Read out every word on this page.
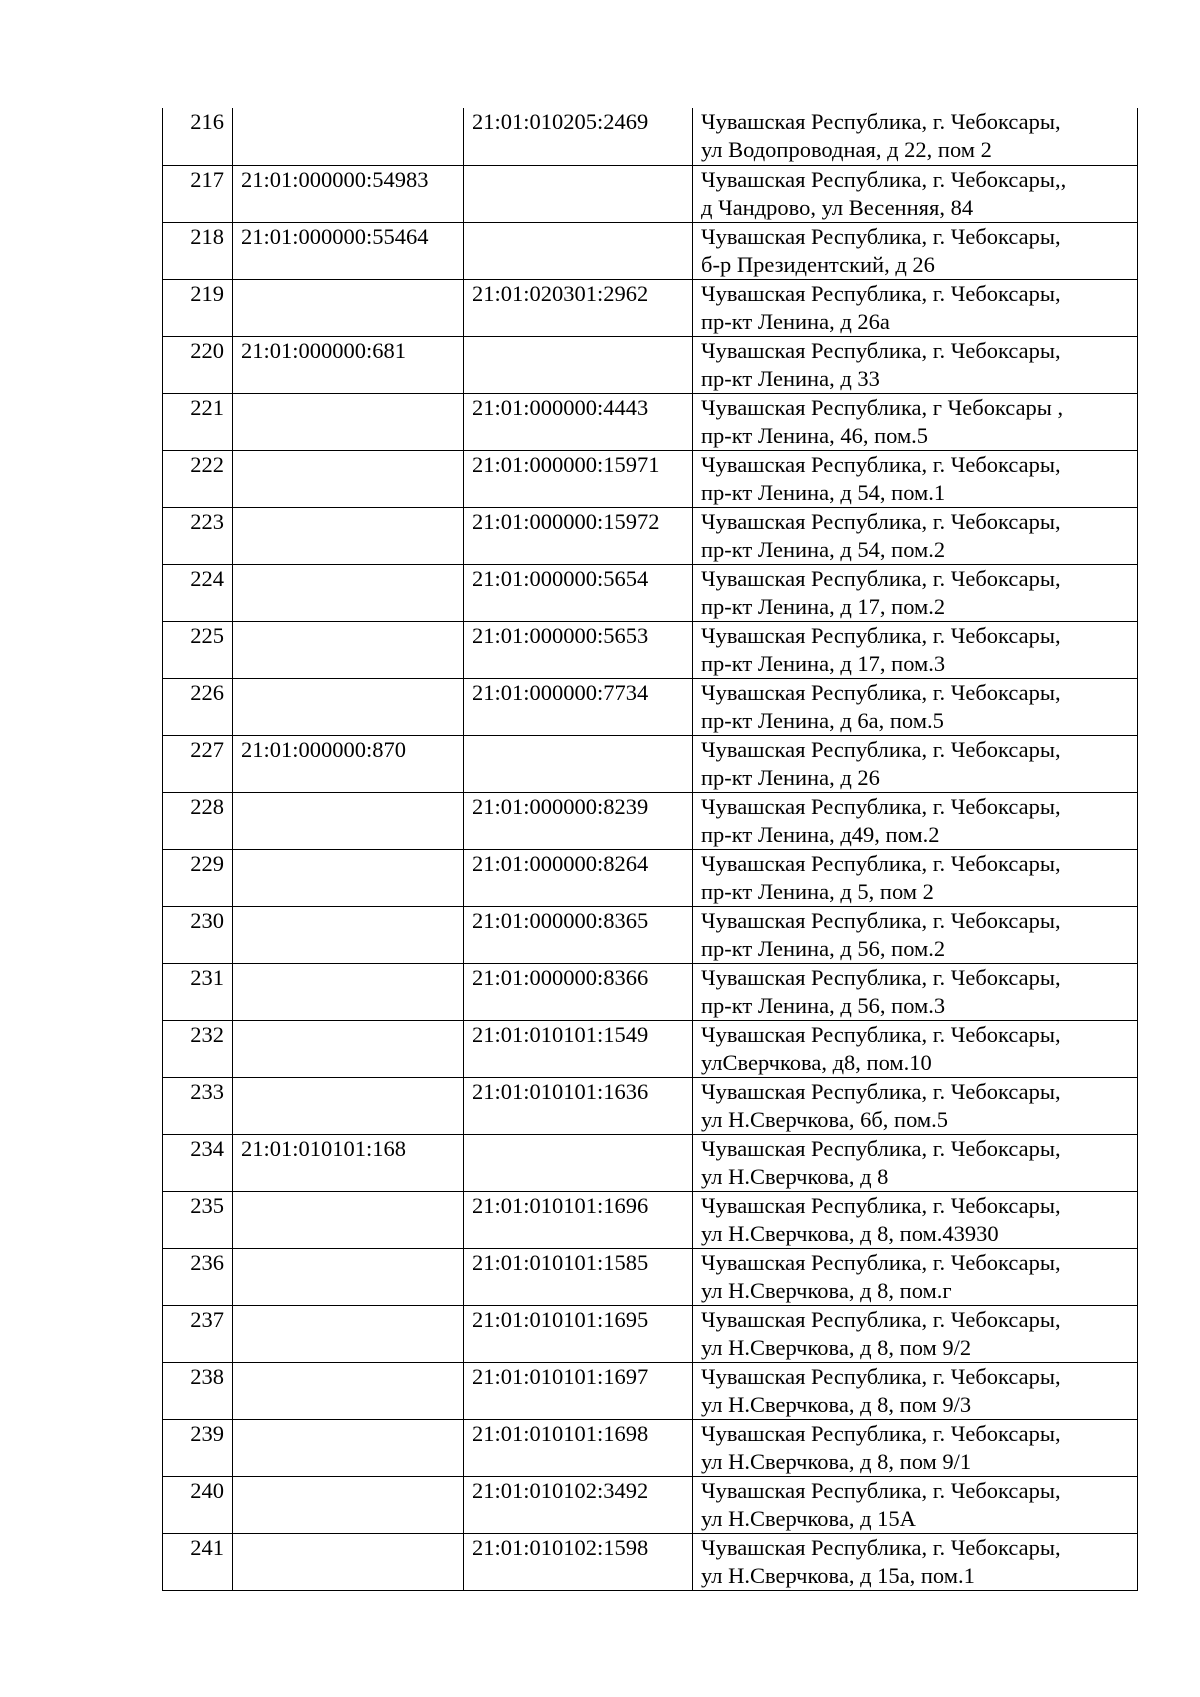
216		21:01:010205:2469	Чувашская Республика, г. Чебоксары,
ул Водопроводная, д 22, пом 2

217	21:01:000000:54983		Чувашская Республика, г. Чебоксары,,
д Чандрово, ул Весенняя, 84

218	21:01:000000:55464		Чувашская Республика, г. Чебоксары,
б-р Президентский, д 26

219		21:01:020301:2962	Чувашская Республика, г. Чебоксары,
пр-кт Ленина, д 26а

220	21:01:000000:681		Чувашская Республика, г. Чебоксары,
пр-кт Ленина, д 33

221		21:01:000000:4443	Чувашская Республика, г Чебоксары ,
пр-кт Ленина, 46, пом.5

222		21:01:000000:15971	Чувашская Республика, г. Чебоксары,
пр-кт Ленина, д 54, пом.1

223		21:01:000000:15972	Чувашская Республика, г. Чебоксары,
пр-кт Ленина, д 54, пом.2

224		21:01:000000:5654	Чувашская Республика, г. Чебоксары,
пр-кт Ленина, д 17, пом.2

225		21:01:000000:5653	Чувашская Республика, г. Чебоксары,
пр-кт Ленина, д 17, пом.3

226		21:01:000000:7734	Чувашская Республика, г. Чебоксары,
пр-кт Ленина, д 6а, пом.5

227	21:01:000000:870		Чувашская Республика, г. Чебоксары,
пр-кт Ленина, д 26

228		21:01:000000:8239	Чувашская Республика, г. Чебоксары,
пр-кт Ленина, д49, пом.2

229		21:01:000000:8264	Чувашская Республика, г. Чебоксары,
пр-кт Ленина, д 5, пом 2

230		21:01:000000:8365	Чувашская Республика, г. Чебоксары,
пр-кт Ленина, д 56, пом.2

231		21:01:000000:8366	Чувашская Республика, г. Чебоксары,
пр-кт Ленина, д 56, пом.3

232		21:01:010101:1549	Чувашская Республика, г. Чебоксары,
улСверчкова, д8, пом.10

233		21:01:010101:1636	Чувашская Республика, г. Чебоксары,
ул Н.Сверчкова, 6б, пом.5

234	21:01:010101:168		Чувашская Республика, г. Чебоксары,
ул Н.Сверчкова, д 8

235		21:01:010101:1696	Чувашская Республика, г. Чебоксары,
ул Н.Сверчкова, д 8, пом.43930

236		21:01:010101:1585	Чувашская Республика, г. Чебоксары,
ул Н.Сверчкова, д 8, пом.г

237		21:01:010101:1695	Чувашская Республика, г. Чебоксары,
ул Н.Сверчкова, д 8, пом 9/2

238		21:01:010101:1697	Чувашская Республика, г. Чебоксары,
ул Н.Сверчкова, д 8, пом 9/3

239		21:01:010101:1698	Чувашская Республика, г. Чебоксары,
ул Н.Сверчкова, д 8, пом 9/1

240		21:01:010102:3492	Чувашская Республика, г. Чебоксары,
ул Н.Сверчкова, д 15А

241		21:01:010102:1598	Чувашская Республика, г. Чебоксары,
ул Н.Сверчкова, д 15а, пом.1
